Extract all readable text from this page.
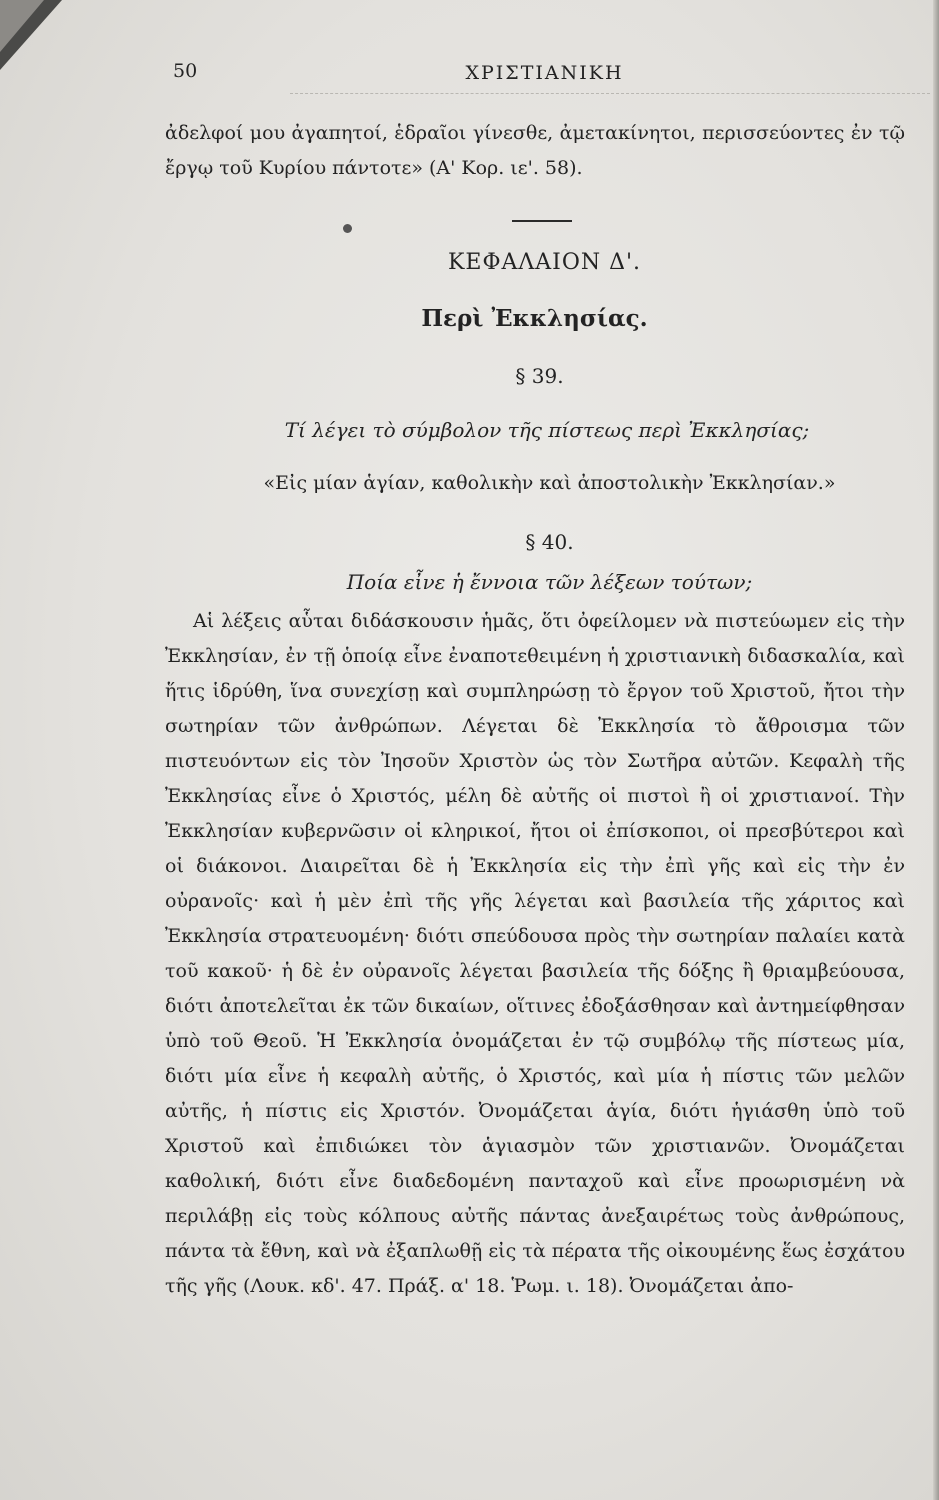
50	ΧΡΙΣΤΙΑΝΙΚΗ
ἀδελφοί μου ἀγαπητοί, ἑδραῖοι γίνεσθε, ἀμετακίνητοι, περισσεύοντες ἐν τῷ ἔργῳ τοῦ Κυρίου πάντοτε» (Α' Κορ. ιε'. 58).
ΚΕΦΑΛΑΙΟΝ Δ'.
Περὶ Ἐκκλησίας.
§ 39.
Τί λέγει τὸ σύμβολον τῆς πίστεως περὶ Ἐκκλησίας;
«Εἰς μίαν ἁγίαν, καθολικὴν καὶ ἀποστολικὴν Ἐκκλησίαν.»
§ 40.
Ποία εἶνε ἡ ἔννοια τῶν λέξεων τούτων;
Αἱ λέξεις αὗται διδάσκουσιν ἡμᾶς, ὅτι ὀφείλομεν νὰ πιστεύωμεν εἰς τὴν Ἐκκλησίαν, ἐν τῇ ὁποίᾳ εἶνε ἐναποτεθειμένη ἡ χριστιανικὴ διδασκαλία, καὶ ἥτις ἱδρύθη, ἵνα συνεχίσῃ καὶ συμπληρώσῃ τὸ ἔργον τοῦ Χριστοῦ, ἤτοι τὴν σωτηρίαν τῶν ἀνθρώπων. Λέγεται δὲ Ἐκκλησία τὸ ἄθροισμα τῶν πιστευόντων εἰς τὸν Ἰησοῦν Χριστὸν ὡς τὸν Σωτῆρα αὐτῶν. Κεφαλὴ τῆς Ἐκκλησίας εἶνε ὁ Χριστός, μέλη δὲ αὐτῆς οἱ πιστοὶ ἢ οἱ χριστιανοί. Τὴν Ἐκκλησίαν κυβερνῶσιν οἱ κληρικοί, ἤτοι οἱ ἐπίσκοποι, οἱ πρεσβύτεροι καὶ οἱ διάκονοι. Διαιρεῖται δὲ ἡ Ἐκκλησία εἰς τὴν ἐπὶ γῆς καὶ εἰς τὴν ἐν οὐρανοῖς· καὶ ἡ μὲν ἐπὶ τῆς γῆς λέγεται καὶ βασιλεία τῆς χάριτος καὶ Ἐκκλησία στρατευομένη· διότι σπεύδουσα πρὸς τὴν σωτηρίαν παλαίει κατὰ τοῦ κακοῦ· ἡ δὲ ἐν οὐρανοῖς λέγεται βασιλεία τῆς δόξης ἢ θριαμβεύουσα, διότι ἀποτελεῖται ἐκ τῶν δικαίων, οἵτινες ἐδοξάσθησαν καὶ ἀντημείφθησαν ὑπὸ τοῦ Θεοῦ. Ἡ Ἐκκλησία ὀνομάζεται ἐν τῷ συμβόλῳ τῆς πίστεως μία, διότι μία εἶνε ἡ κεφαλὴ αὐτῆς, ὁ Χριστός, καὶ μία ἡ πίστις τῶν μελῶν αὐτῆς, ἡ πίστις εἰς Χριστόν. Ὀνομάζεται ἁγία, διότι ἡγιάσθη ὑπὸ τοῦ Χριστοῦ καὶ ἐπιδιώκει τὸν ἁγιασμὸν τῶν χριστιανῶν. Ὀνομάζεται καθολική, διότι εἶνε διαδεδομένη πανταχοῦ καὶ εἶνε προωρισμένη νὰ περιλάβῃ εἰς τοὺς κόλπους αὐτῆς πάντας ἀνεξαιρέτως τοὺς ἀνθρώπους, πάντα τὰ ἔθνη, καὶ νὰ ἐξαπλωθῇ εἰς τὰ πέρατα τῆς οἰκουμένης ἕως ἐσχάτου τῆς γῆς (Λουκ. κδ'. 47. Πράξ. α' 18. Ῥωμ. ι. 18). Ὀνομάζεται ἀπο-
